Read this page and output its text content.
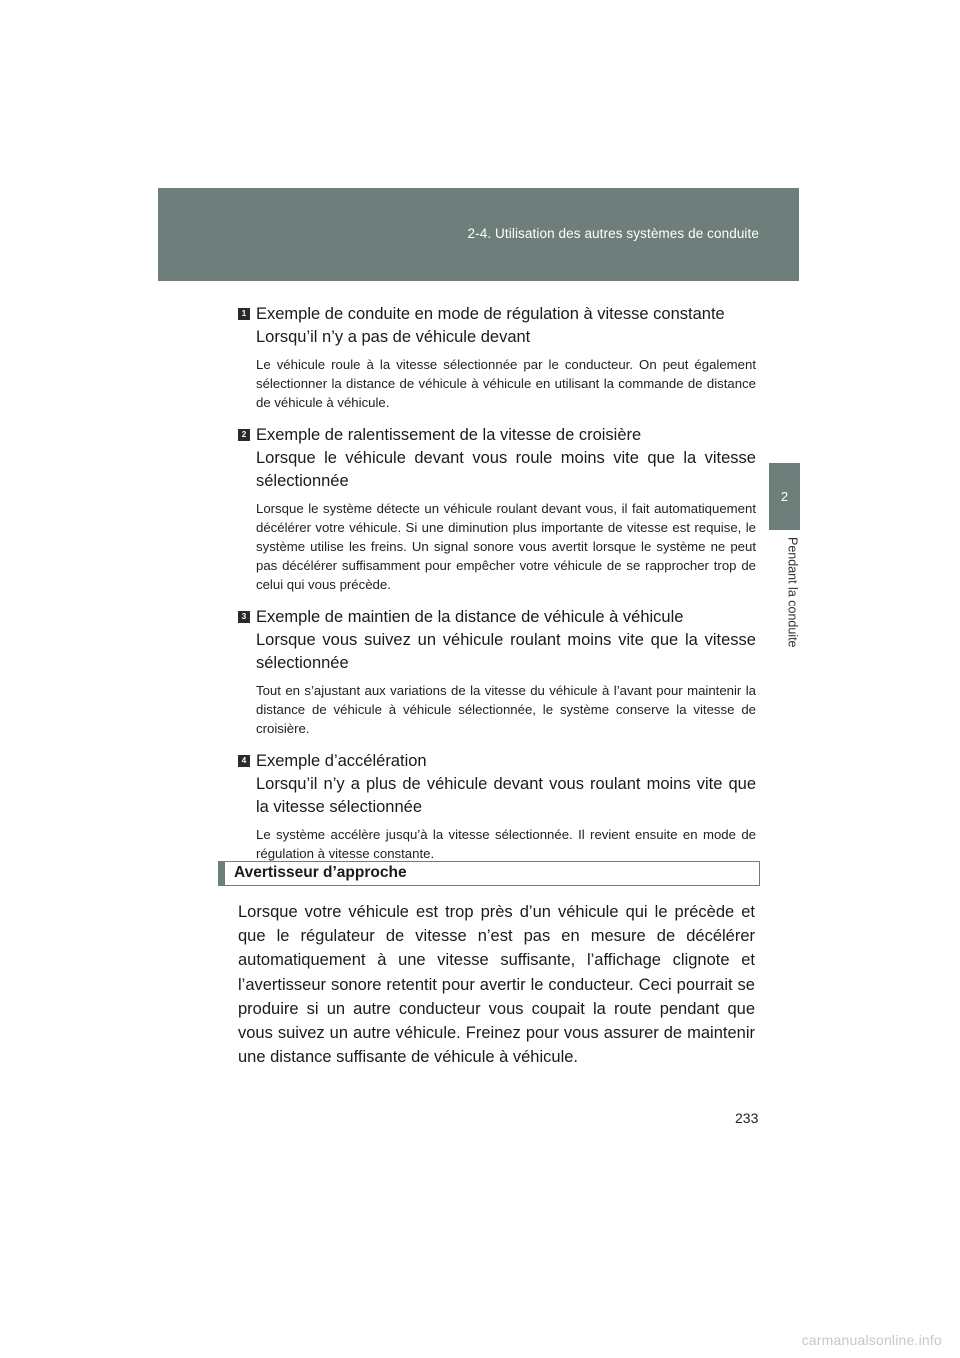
2-4. Utilisation des autres systèmes de conduite
2
Pendant la conduite

1 Exemple de conduite en mode de régulation à vitesse constante

Lorsqu’il n’y a pas de véhicule devant

Le véhicule roule à la vitesse sélectionnée par le conducteur. On peut également sélectionner la distance de véhicule à véhicule en utilisant la commande de distance de véhicule à véhicule.

2 Exemple de ralentissement de la vitesse de croisière

Lorsque le véhicule devant vous roule moins vite que la vitesse sélectionnée

Lorsque le système détecte un véhicule roulant devant vous, il fait automatiquement décélérer votre véhicule. Si une diminution plus importante de vitesse est requise, le système utilise les freins. Un signal sonore vous avertit lorsque le système ne peut pas décélérer suffisamment pour empêcher votre véhicule de se rapprocher trop de celui qui vous précède.

3 Exemple de maintien de la distance de véhicule à véhicule

Lorsque vous suivez un véhicule roulant moins vite que la vitesse sélectionnée

Tout en s’ajustant aux variations de la vitesse du véhicule à l’avant pour maintenir la distance de véhicule à véhicule sélectionnée, le système conserve la vitesse de croisière.

4 Exemple d’accélération

Lorsqu’il n’y a plus de véhicule devant vous roulant moins vite que la vitesse sélectionnée

Le système accélère jusqu’à la vitesse sélectionnée. Il revient ensuite en mode de régulation à vitesse constante.

Avertisseur d’approche

Lorsque votre véhicule est trop près d’un véhicule qui le précède et que le régulateur de vitesse n’est pas en mesure de décélérer automatiquement à une vitesse suffisante, l’affichage clignote et l’avertisseur sonore retentit pour avertir le conducteur. Ceci pourrait se produire si un autre conducteur vous coupait la route pendant que vous suivez un autre véhicule. Freinez pour vous assurer de maintenir une distance suffisante de véhicule à véhicule.

233
carmanualsonline.info
